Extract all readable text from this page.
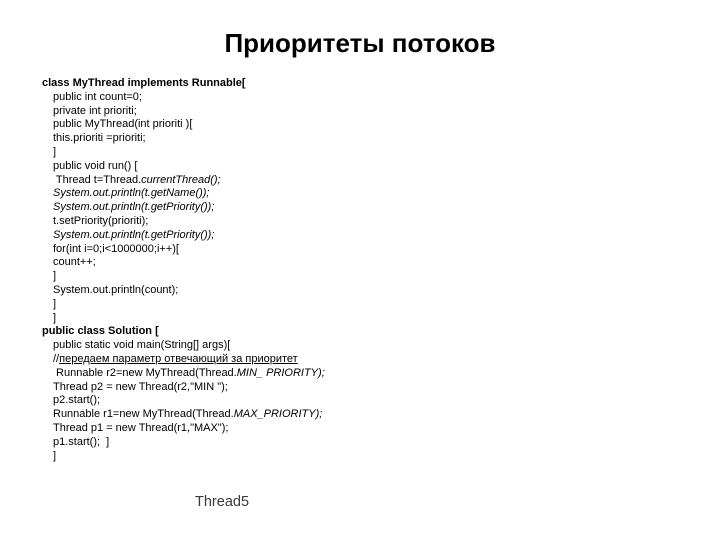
Приоритеты потоков
class MyThread implements Runnable[
public int count=0;
private int prioriti;
public MyThread(int prioriti )[
this.prioriti =prioriti;
]
public void run() [
Thread t=Thread.currentThread();
System.out.println(t.getName());
System.out.println(t.getPriority());
t.setPriority(prioriti);
System.out.println(t.getPriority());
for(int i=0;i<1000000;i++)[
count++;
]
System.out.println(count);
]
]
public class Solution [
public static void main(String[] args)[
//передаем параметр отвечающий за приоритет
Runnable r2=new MyThread(Thread.MIN_ PRIORITY);
Thread p2 = new Thread(r2,"MIN ");
p2.start();
Runnable r1=new MyThread(Thread.MAX_PRIORITY);
Thread p1 = new Thread(r1,"MAX");
p1.start();  ]
]
Thread5
